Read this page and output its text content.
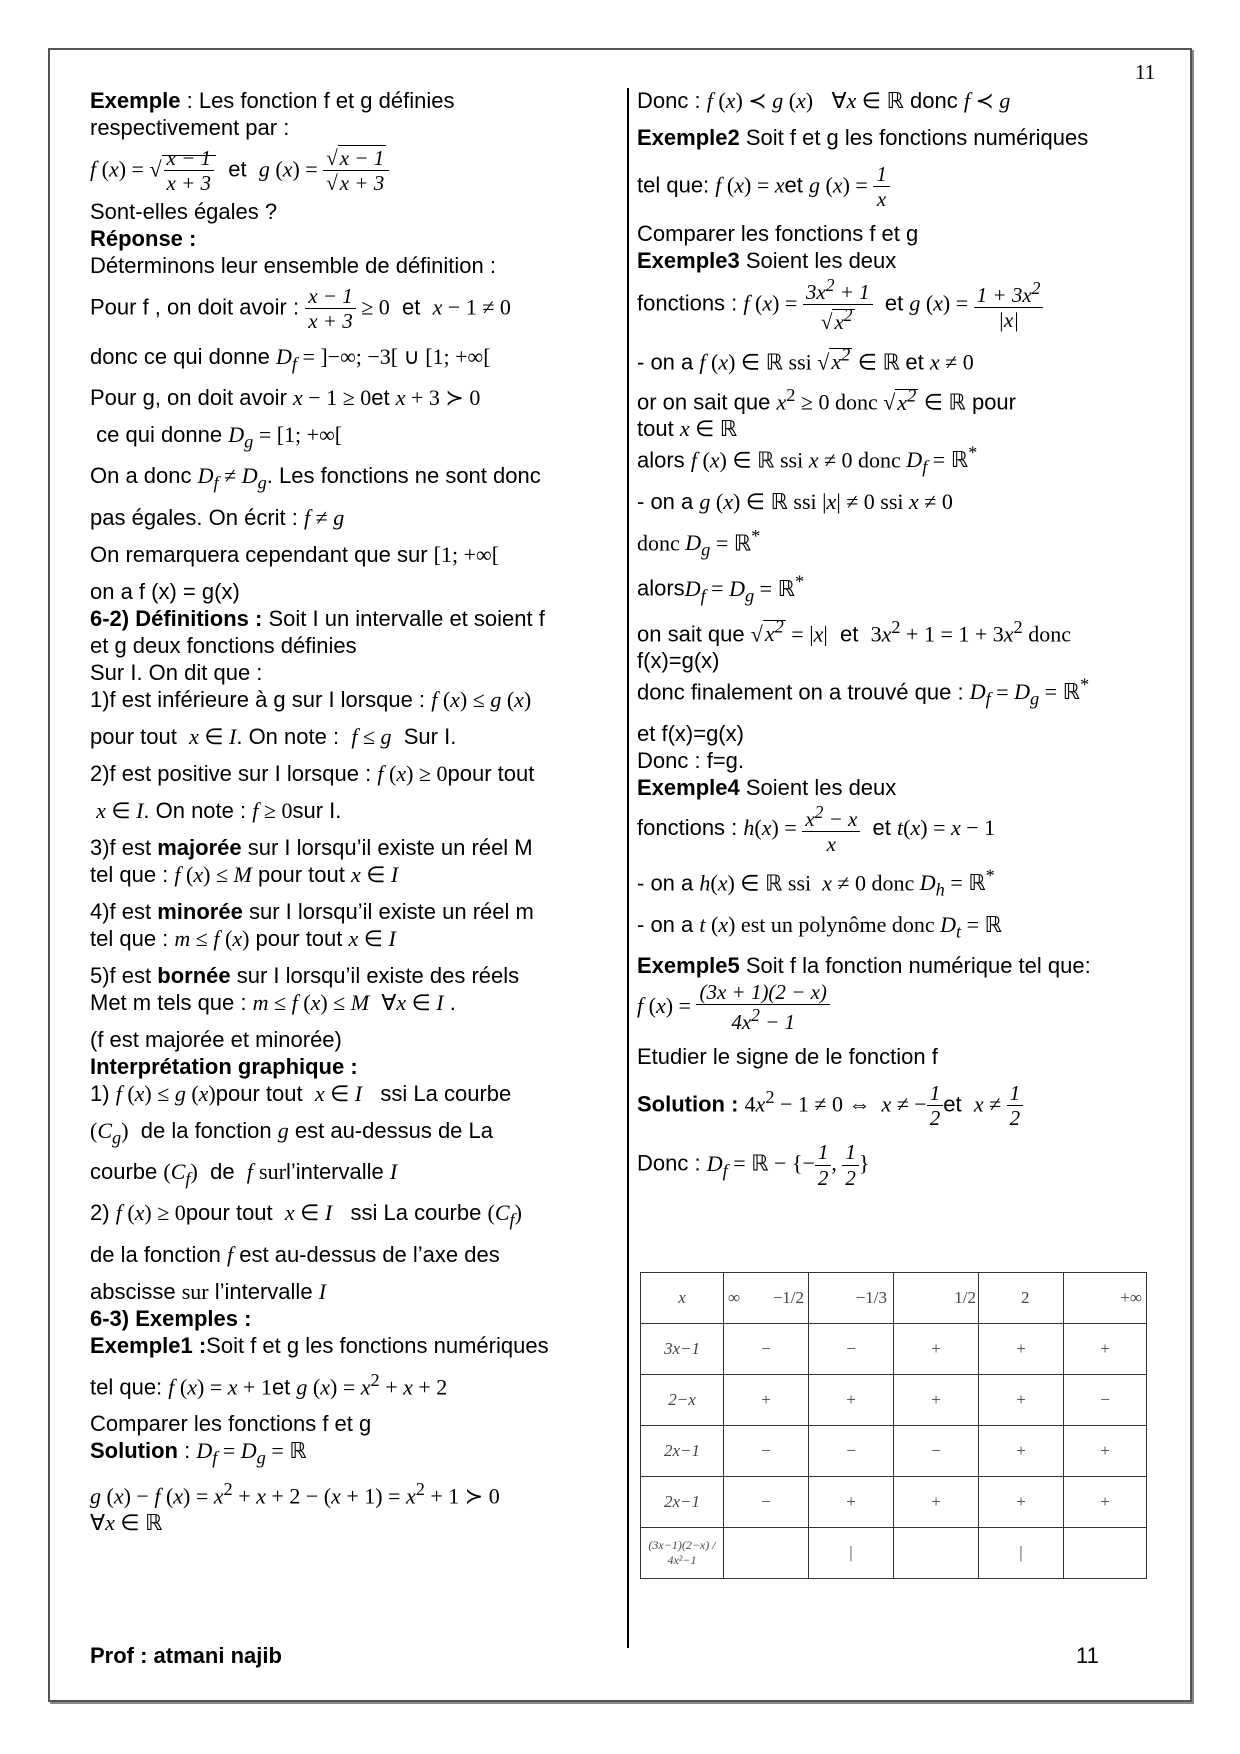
11
Exemple : Les fonction f et g définies
respectivement par :
f (x) = √ $\frac{x - 1}{x + 3}$ et g $(x) = \frac{√x - 1}{√x + 3}$
Sont-elles égales ?
Réponse :
Déterminons leur ensemble de définition :
Pour f , on doit avoir : $\frac{x - 1}{x + 3} \ge 0$ et x − 1 ≠ 0
donc ce qui donne $D_f$ = ]−∞; −3[ ∪ [1; +∞[
Pour g, on doit avoir x − 1 ≥ 0et x + 3 ≻ 0
ce qui donne $D_g = [1$; +∞[
On a donc $D_f \ne D_g$. Les fonctions ne sont donc
pas égales. On écrit : f ≠ g
On remarquera cependant que sur [1; +∞[
on a f (x) = g(x)
6-2) Définitions : Soit I un intervalle et soient f
et g deux fonctions définies
Sur I. On dit que :
1)f est inférieure à g sur I lorsque : f (x) ≤ g (x)
pour tout x ∈ I. On note : f ≤ g Sur I.
2)f est positive sur I lorsque : f (x) ≥ 0pour tout
x ∈ I. On note : f ≥ 0sur I.
3)f est majorée sur I lorsqu’il existe un réel M
tel que : f (x) ≤ M pour tout x ∈ I
4)f est minorée sur I lorsqu’il existe un réel m
tel que : m ≤ f (x) pour tout x ∈ I
5)f est bornée sur I lorsqu’il existe des réels
Met m tels que : m ≤ f (x) ≤ M ∀x ∈ I .
(f est majorée et minorée)
Interprétation graphique :
1) f (x) ≤ g (x)pour tout x ∈ I ssi La courbe
$(C_g)$ de la fonction g est au-dessus de La
courbe $(C_f)$ de f surl’intervalle I
2) f (x) ≥ 0pour tout x ∈ I ssi La courbe $(C_f)$
de la fonction f est au-dessus de l’axe des
abscisse sur l’intervalle I
6-3) Exemples :
Exemple1 :Soit f et g les fonctions numériques
tel que: f (x) = x + 1et g $(x) = x^2 + x + 2$
Comparer les fonctions f et g
Solution : $D_f = D_g$ = ℝ
g (x) − f $(x) = x^2 + x + 2 - (x + 1) = x^2 + 1$ ≻ 0
∀x ∈ ℝ
Donc : f (x) ≺ g (x) ∀x ∈ ℝ donc f ≺ g
Exemple2 Soit f et g les fonctions numériques
tel que: f (x) = xet g $(x) = \frac{1}{x}$
Comparer les fonctions f et g
Exemple3 Soient les deux
fonctions : f $(x) = \frac{3x^2 + 1}{√x^2}$ et g $(x) = \frac{1 + 3x^2}{|x|}$
- on a f (x) ∈ ℝ ssi $√x^2$ ∈ ℝ et x ≠ 0
or on sait que $x^2 \ge 0$ donc $√x^2$ ∈ ℝ pour
tout x ∈ ℝ
alors f (x) ∈ ℝ ssi x ≠ 0 donc $D_f$ = ℝ*
- on a g (x) ∈ ℝ ssi |x| ≠ 0 ssi x ≠ 0
donc $D_g$ = ℝ*
alorsD$_f$ = $D_g$ = ℝ*
on sait que $√x^2 = |x|$ et $3x^2 + 1 = 1 + 3x^2$ donc
f(x)=g(x)
donc finalement on a trouvé que : $D_f = D_g$ = ℝ*
et f(x)=g(x)
Donc : f=g.
Exemple4 Soient les deux
fonctions : $h(x) = \frac{x^2 - x}{x}$ et t(x) = x − 1
- on a h(x) ∈ ℝ ssi  x ≠ 0 donc $D_h$ = ℝ*
- on a t (x) est un polynôme donc $D_t$ = ℝ
Exemple5 Soit f la fonction numérique tel que:
f $(x) = \frac{(3x + 1)(2 - x)}{4x^2 - 1}$
Etudier le signe de le fonction f
Solution : $4x^2 - 1 \ne 0$ ⇔  x ≠ − $\frac{1}{2}$ et $x \ne \frac{1}{2}$
Donc : $D_f$ = ℝ − {− $\frac{1}{2}$ , $\frac{1}{2}$ }
x	∞ −1/2	−1/3	1/2	2	+∞

3x−1	−	−	+	+	+
2−x	+	+	+	+	−
2x−1	−	−	−	+	+
2x−1	−	+	+	+	+
(3x−1)(2−x) / 4x²−1		|		|	
Prof : atmani najib	11
